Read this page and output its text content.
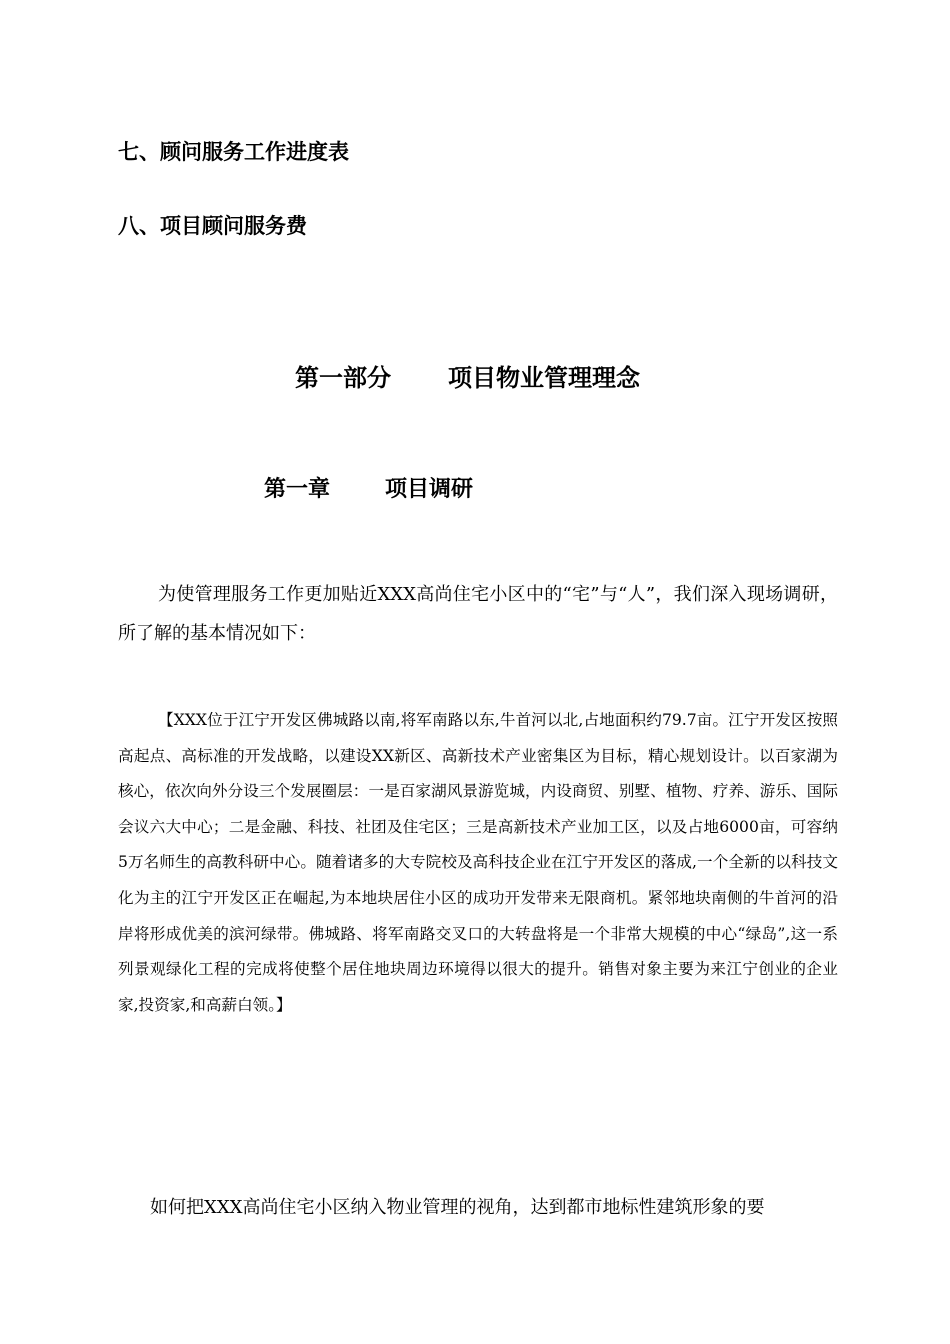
七、顾问服务工作进度表
八、项目顾问服务费
第一部分 项目物业管理理念
第一章	项目调研

为使管理服务工作更加贴近XXX高尚住宅小区中的“宅”与“人”，我们深入现场调研，所了解的基本情况如下：

【XXX位于江宁开发区佛城路以南,将军南路以东,牛首河以北,占地面积约79.7亩。江宁开发区按照高起点、高标准的开发战略，以建设XX新区、高新技术产业密集区为目标，精心规划设计。以百家湖为核心，依次向外分设三个发展圈层：一是百家湖风景游览城，内设商贸、别墅、植物、疗养、游乐、国际会议六大中心；二是金融、科技、社团及住宅区；三是高新技术产业加工区，以及占地6000亩，可容纳5万名师生的高教科研中心。随着诸多的大专院校及高科技企业在江宁开发区的落成,一个全新的以科技文化为主的江宁开发区正在崛起,为本地块居住小区的成功开发带来无限商机。紧邻地块南侧的牛首河的沿岸将形成优美的滨河绿带。佛城路、将军南路交叉口的大转盘将是一个非常大规模的中心“绿岛”,这一系列景观绿化工程的完成将使整个居住地块周边环境得以很大的提升。销售对象主要为来江宁创业的企业家,投资家,和高薪白领。】

如何把XXX高尚住宅小区纳入物业管理的视角，达到都市地标性建筑形象的要
